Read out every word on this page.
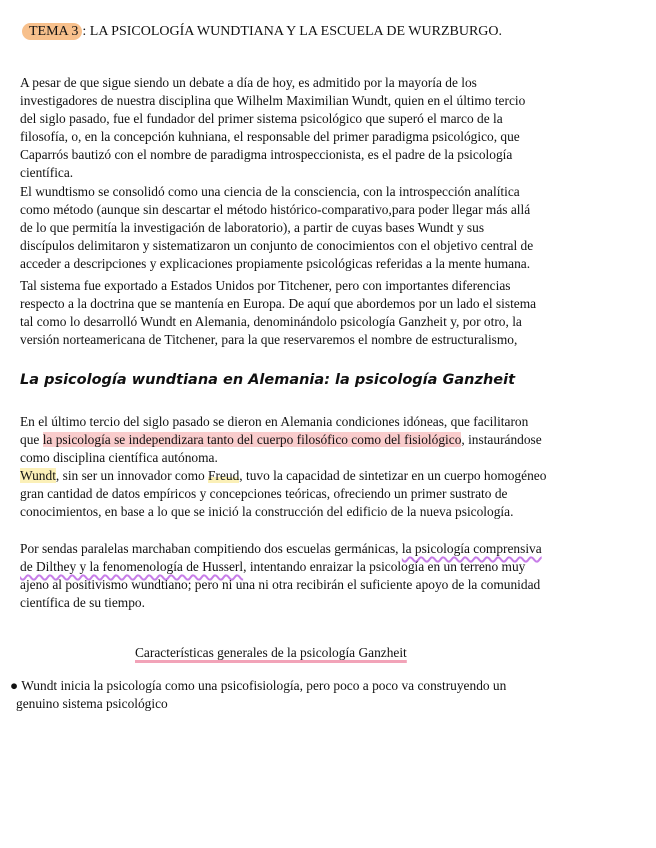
TEMA 3 : LA PSICOLOGÍA WUNDTIANA Y LA ESCUELA DE WURZBURGO.
A pesar de que sigue siendo un debate a día de hoy, es admitido por la mayoría de los
investigadores de nuestra disciplina que Wilhelm Maximilian Wundt, quien en el último tercio
del siglo pasado, fue el fundador del primer sistema psicológico que superó el marco de la
filosofía, o, en la concepción kuhniana, el responsable del primer paradigma psicológico, que
Caparrós bautizó con el nombre de paradigma introspeccionista, es el padre de la psicología
científica.
El wundtismo se consolidó como una ciencia de la consciencia, con la introspección analítica
como método (aunque sin descartar el método histórico-comparativo,para poder llegar más allá
de lo que permitía la investigación de laboratorio), a partir de cuyas bases Wundt y sus
discípulos delimitaron y sistematizaron un conjunto de conocimientos con el objetivo central de
acceder a descripciones y explicaciones propiamente psicológicas referidas a la mente humana.
Tal sistema fue exportado a Estados Unidos por Titchener, pero con importantes diferencias
respecto a la doctrina que se mantenía en Europa. De aquí que abordemos por un lado el sistema
tal como lo desarrolló Wundt en Alemania, denominándolo psicología Ganzheit y, por otro, la
versión norteamericana de Titchener, para la que reservaremos el nombre de estructuralismo,
La psicología wundtiana en Alemania: la psicología Ganzheit
En el último tercio del siglo pasado se dieron en Alemania condiciones idóneas, que facilitaron
que la psicología se independizara tanto del cuerpo filosófico como del fisiológico, instaurándose
como disciplina científica autónoma.
Wundt, sin ser un innovador como Freud, tuvo la capacidad de sintetizar en un cuerpo homogéneo
gran cantidad de datos empíricos y concepciones teóricas, ofreciendo un primer sustrato de
conocimientos, en base a lo que se inició la construcción del edificio de la nueva psicología.
Por sendas paralelas marchaban compitiendo dos escuelas germánicas, la psicología comprensiva
de Dilthey y la fenomenología de Husserl, intentando enraizar la psicología en un terreno muy
ajeno al positivismo wundtiano; pero ni una ni otra recibirán el suficiente apoyo de la comunidad
científica de su tiempo.
Características generales de la psicología Ganzheit
● Wundt inicia la psicología como una psicofisiología, pero poco a poco va construyendo un
genuino sistema psicológico
